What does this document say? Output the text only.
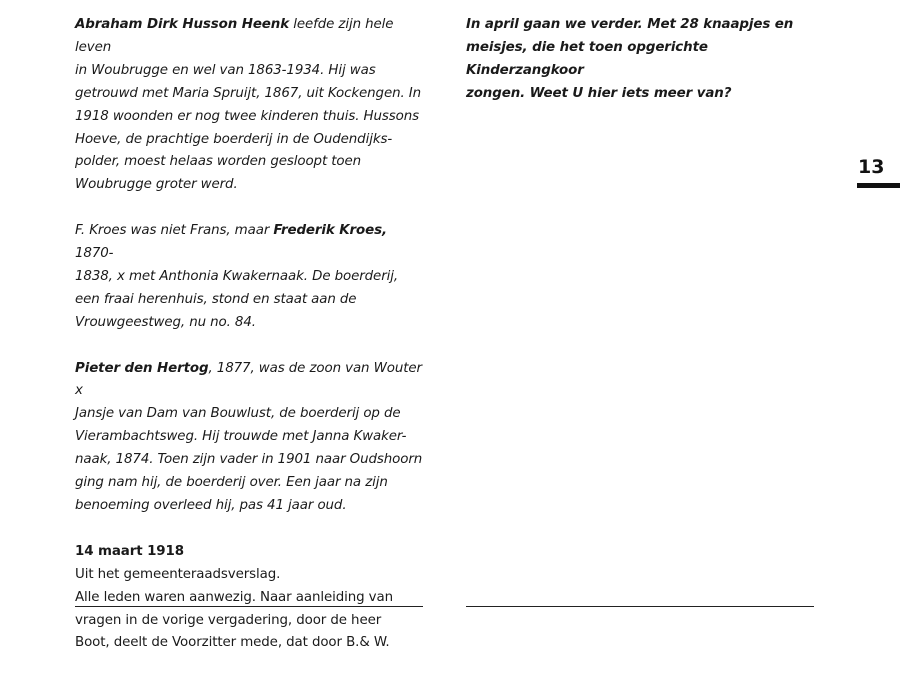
Abraham Dirk Husson Heenk leefde zijn hele leven
in Woubrugge en wel van 1863-1934. Hij was
getrouwd met Maria Spruijt, 1867, uit Kockengen. In
1918 woonden er nog twee kinderen thuis. Hussons
Hoeve, de prachtige boerderij in de Oudendijks-
polder, moest helaas worden gesloopt toen
Woubrugge groter werd.

F. Kroes was niet Frans, maar Frederik Kroes, 1870-
1838, x met Anthonia Kwakernaak. De boerderij,
een fraai herenhuis, stond en staat aan de
Vrouwgeestweg, nu no. 84.

Pieter den Hertog, 1877, was de zoon van Wouter x
Jansje van Dam van Bouwlust, de boerderij op de
Vierambachtsweg. Hij trouwde met Janna Kwaker-
naak, 1874. Toen zijn vader in 1901 naar Oudshoorn
ging nam hij, de boerderij over. Een jaar na zijn
benoeming overleed hij, pas 41 jaar oud.

14 maart 1918
Uit het gemeenteraadsverslag.
Alle leden waren aanwezig. Naar aanleiding van
vragen in de vorige vergadering, door de heer
Boot, deelt de Voorzitter mede, dat door B.& W.

In april gaan we verder. Met 28 knaapjes en
meisjes, die het toen opgerichte Kinderzangkoor
zongen. Weet U hier iets meer van?

13
